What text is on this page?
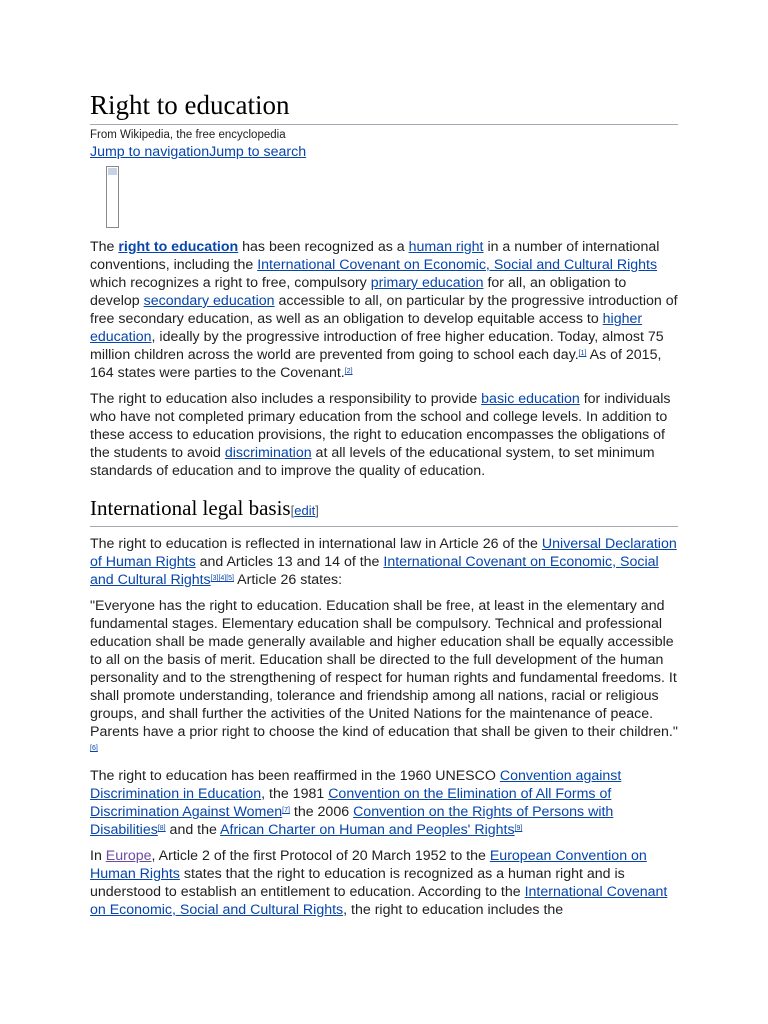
Right to education
From Wikipedia, the free encyclopedia
Jump to navigationJump to search

The right to education has been recognized as a human right in a number of international conventions, including the International Covenant on Economic, Social and Cultural Rights which recognizes a right to free, compulsory primary education for all, an obligation to develop secondary education accessible to all, on particular by the progressive introduction of free secondary education, as well as an obligation to develop equitable access to higher education, ideally by the progressive introduction of free higher education. Today, almost 75 million children across the world are prevented from going to school each day.[1] As of 2015, 164 states were parties to the Covenant.[2]

The right to education also includes a responsibility to provide basic education for individuals who have not completed primary education from the school and college levels. In addition to these access to education provisions, the right to education encompasses the obligations of the students to avoid discrimination at all levels of the educational system, to set minimum standards of education and to improve the quality of education.

International legal basis[edit]

The right to education is reflected in international law in Article 26 of the Universal Declaration of Human Rights and Articles 13 and 14 of the International Covenant on Economic, Social and Cultural Rights[3][4][5] Article 26 states:

"Everyone has the right to education. Education shall be free, at least in the elementary and fundamental stages. Elementary education shall be compulsory. Technical and professional education shall be made generally available and higher education shall be equally accessible to all on the basis of merit. Education shall be directed to the full development of the human personality and to the strengthening of respect for human rights and fundamental freedoms. It shall promote understanding, tolerance and friendship among all nations, racial or religious groups, and shall further the activities of the United Nations for the maintenance of peace. Parents have a prior right to choose the kind of education that shall be given to their children."[6]

The right to education has been reaffirmed in the 1960 UNESCO Convention against Discrimination in Education, the 1981 Convention on the Elimination of All Forms of Discrimination Against Women[7] the 2006 Convention on the Rights of Persons with Disabilities[8] and the African Charter on Human and Peoples' Rights[9]

In Europe, Article 2 of the first Protocol of 20 March 1952 to the European Convention on Human Rights states that the right to education is recognized as a human right and is understood to establish an entitlement to education. According to the International Covenant on Economic, Social and Cultural Rights, the right to education includes the
